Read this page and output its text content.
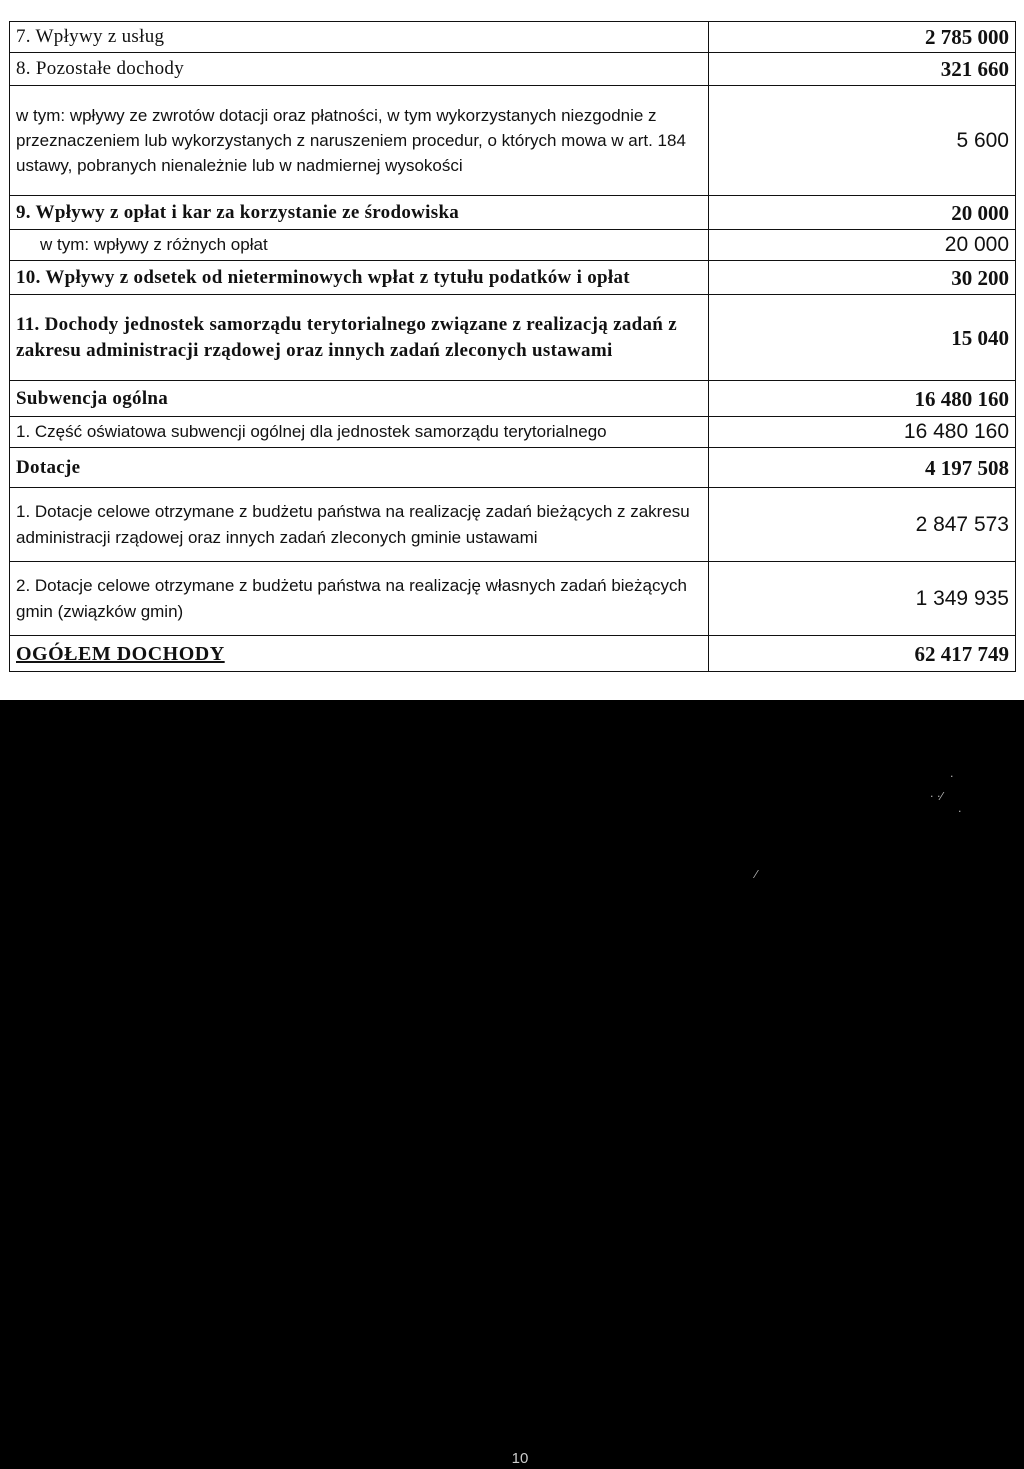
7. Wpływy z usług	2 785 000
8. Pozostałe dochody	321 660
w tym: wpływy ze zwrotów dotacji oraz płatności, w tym wykorzystanych niezgodnie z przeznaczeniem lub wykorzystanych z naruszeniem procedur, o których mowa w art. 184 ustawy, pobranych nienależnie lub w nadmiernej wysokości	5 600
9. Wpływy z opłat i kar za korzystanie ze środowiska	20 000
w tym: wpływy z różnych opłat	20 000
10. Wpływy z odsetek od nieterminowych wpłat z tytułu podatków i opłat	30 200
11. Dochody jednostek samorządu terytorialnego związane z realizacją zadań z zakresu administracji rządowej oraz innych zadań zleconych ustawami	15 040
Subwencja ogólna	16 480 160
1. Część oświatowa subwencji ogólnej dla jednostek samorządu terytorialnego	16 480 160
Dotacje	4 197 508
1. Dotacje celowe otrzymane z budżetu państwa na realizację zadań bieżących z zakresu administracji rządowej oraz innych zadań zleconych gminie ustawami	2 847 573
2. Dotacje celowe otrzymane z budżetu państwa na realizację własnych zadań bieżących gmin (związków gmin)	1 349 935
OGÓŁEM DOCHODY	62 417 749
·
· ·⁄
·
⁄
10
